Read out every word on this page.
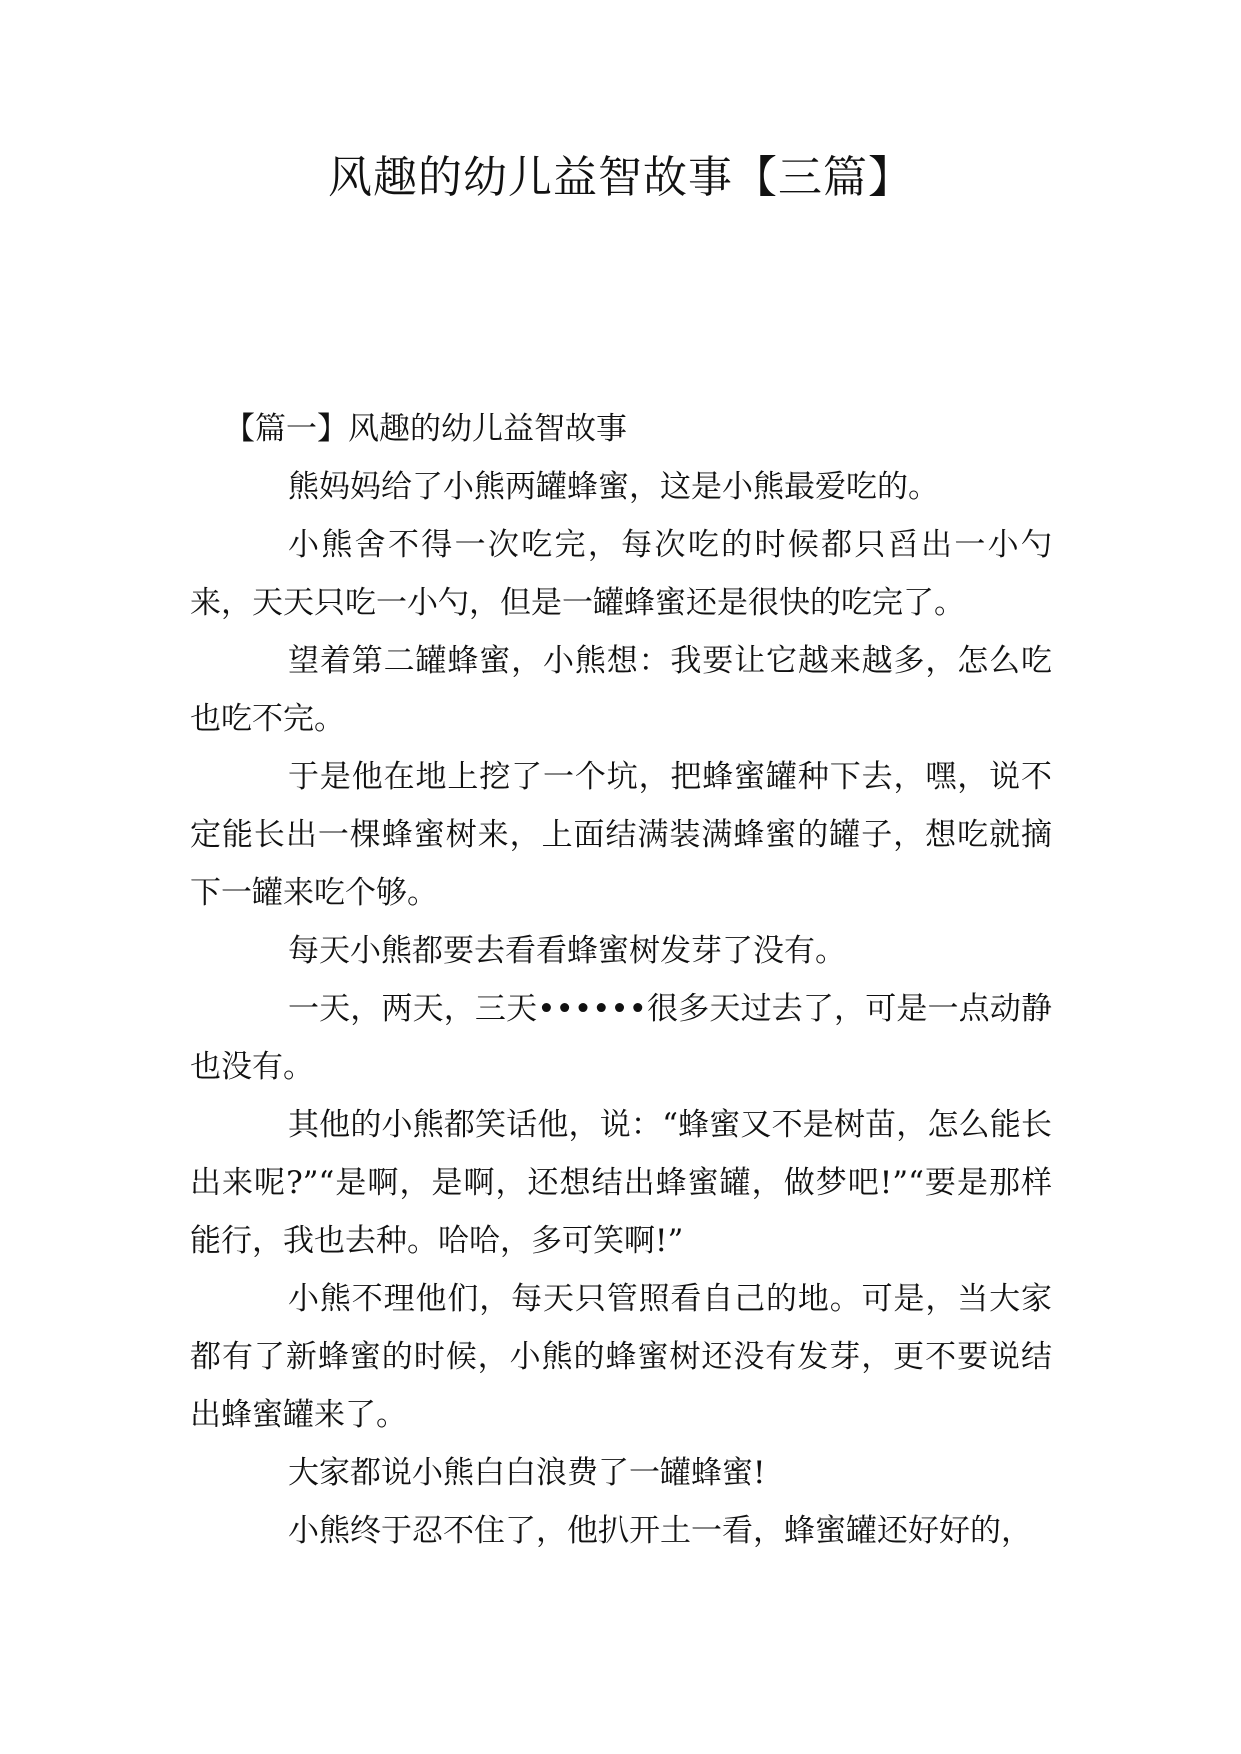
风趣的幼儿益智故事【三篇】

【篇一】风趣的幼儿益智故事

熊妈妈给了小熊两罐蜂蜜，这是小熊最爱吃的。

小熊舍不得一次吃完，每次吃的时候都只舀出一小勺来，天天只吃一小勺，但是一罐蜂蜜还是很快的吃完了。

望着第二罐蜂蜜，小熊想：我要让它越来越多，怎么吃也吃不完。

于是他在地上挖了一个坑，把蜂蜜罐种下去，嘿，说不定能长出一棵蜂蜜树来，上面结满装满蜂蜜的罐子，想吃就摘下一罐来吃个够。

每天小熊都要去看看蜂蜜树发芽了没有。

一天，两天，三天••••••很多天过去了，可是一点动静也没有。

其他的小熊都笑话他，说：“蜂蜜又不是树苗，怎么能长出来呢?”“是啊，是啊，还想结出蜂蜜罐，做梦吧!”“要是那样能行，我也去种。哈哈，多可笑啊!”

小熊不理他们，每天只管照看自己的地。可是，当大家都有了新蜂蜜的时候，小熊的蜂蜜树还没有发芽，更不要说结出蜂蜜罐来了。

大家都说小熊白白浪费了一罐蜂蜜!

小熊终于忍不住了，他扒开土一看，蜂蜜罐还好好的，
